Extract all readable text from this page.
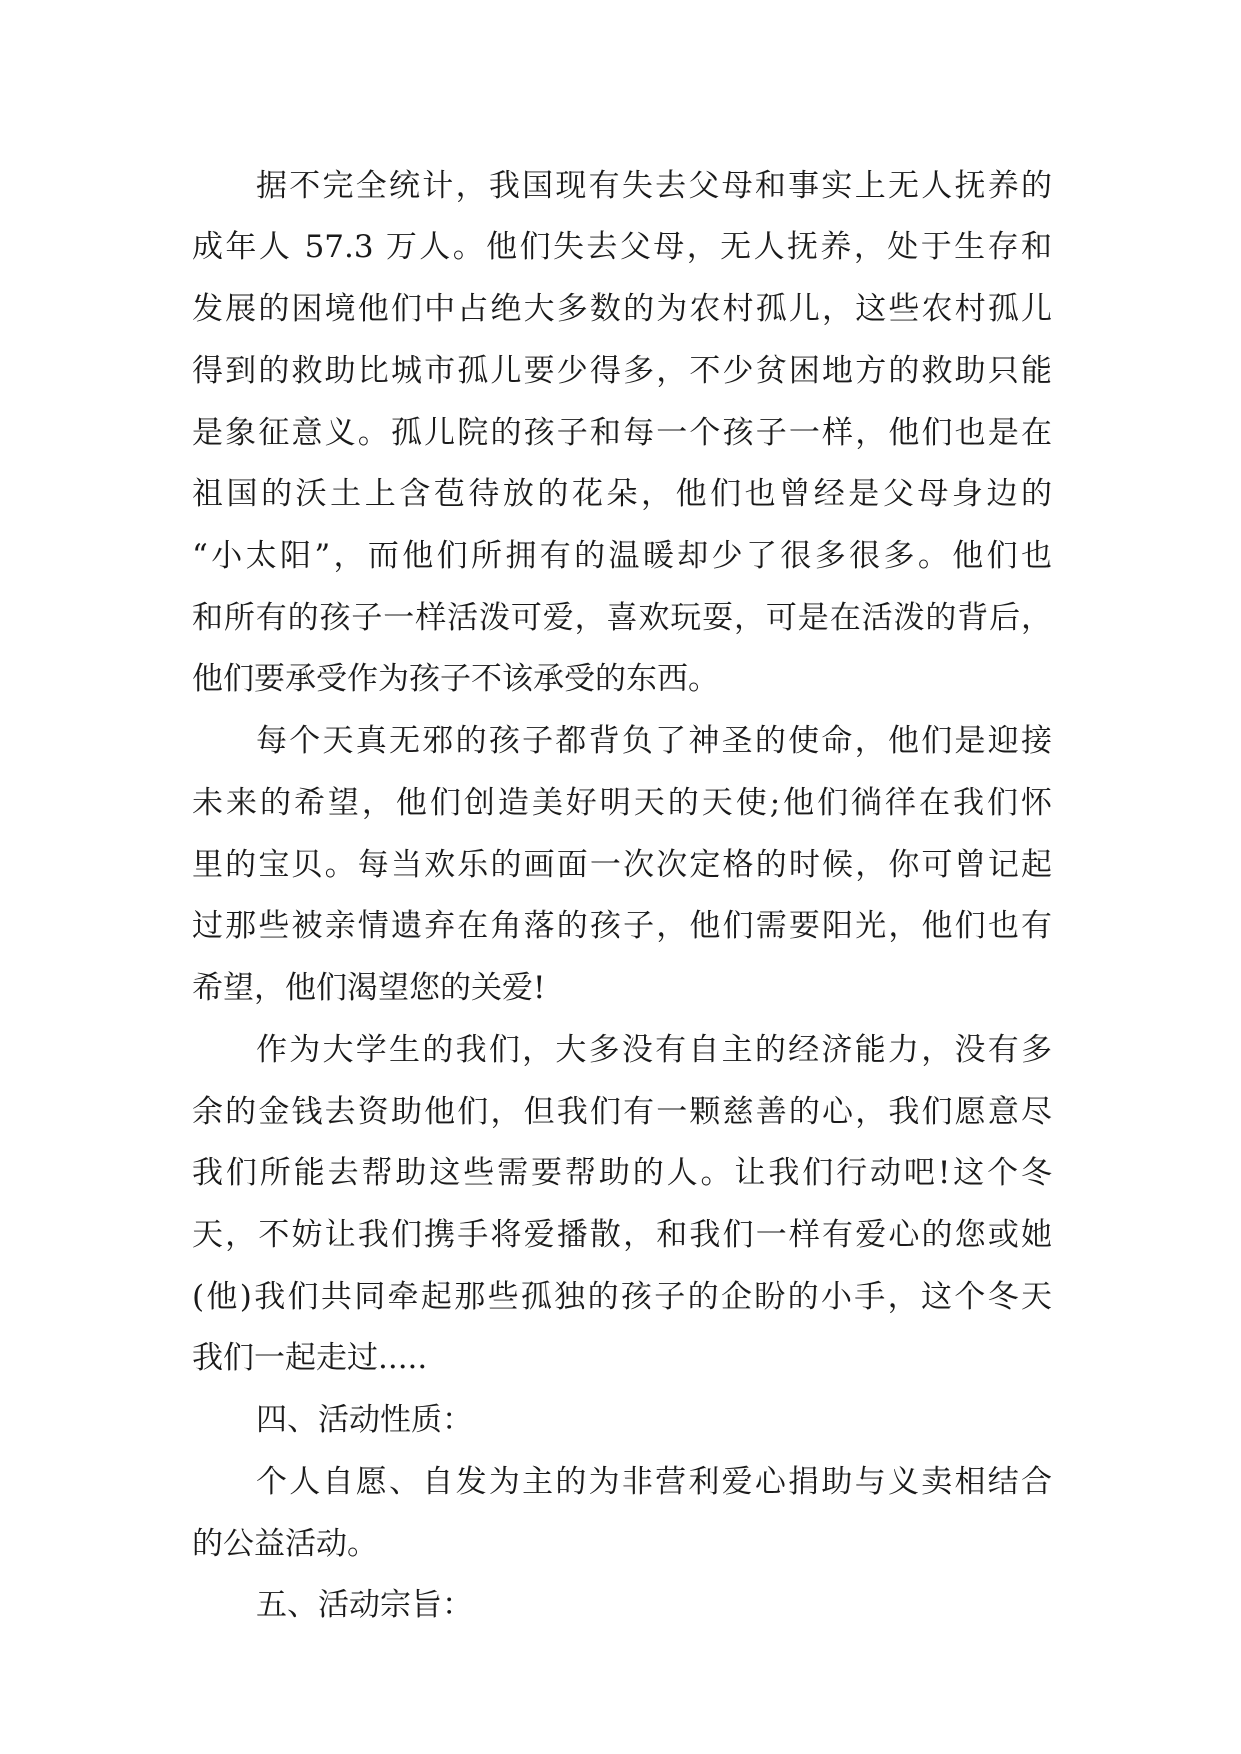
据不完全统计，我国现有失去父母和事实上无人抚养的
成年人 57.3 万人。他们失去父母，无人抚养，处于生存和
发展的困境他们中占绝大多数的为农村孤儿，这些农村孤儿
得到的救助比城市孤儿要少得多，不少贫困地方的救助只能
是象征意义。孤儿院的孩子和每一个孩子一样，他们也是在
祖国的沃土上含苞待放的花朵，他们也曾经是父母身边的
“小太阳”，而他们所拥有的温暖却少了很多很多。他们也
和所有的孩子一样活泼可爱，喜欢玩耍，可是在活泼的背后，
他们要承受作为孩子不该承受的东西。
每个天真无邪的孩子都背负了神圣的使命，他们是迎接
未来的希望，他们创造美好明天的天使;他们徜徉在我们怀
里的宝贝。每当欢乐的画面一次次定格的时候，你可曾记起
过那些被亲情遗弃在角落的孩子，他们需要阳光，他们也有
希望，他们渴望您的关爱!
作为大学生的我们，大多没有自主的经济能力，没有多
余的金钱去资助他们，但我们有一颗慈善的心，我们愿意尽
我们所能去帮助这些需要帮助的人。让我们行动吧!这个冬
天，不妨让我们携手将爱播散，和我们一样有爱心的您或她
(他)我们共同牵起那些孤独的孩子的企盼的小手，这个冬天
我们一起走过.....
四、活动性质：
个人自愿、自发为主的为非营利爱心捐助与义卖相结合
的公益活动。
五、活动宗旨：
